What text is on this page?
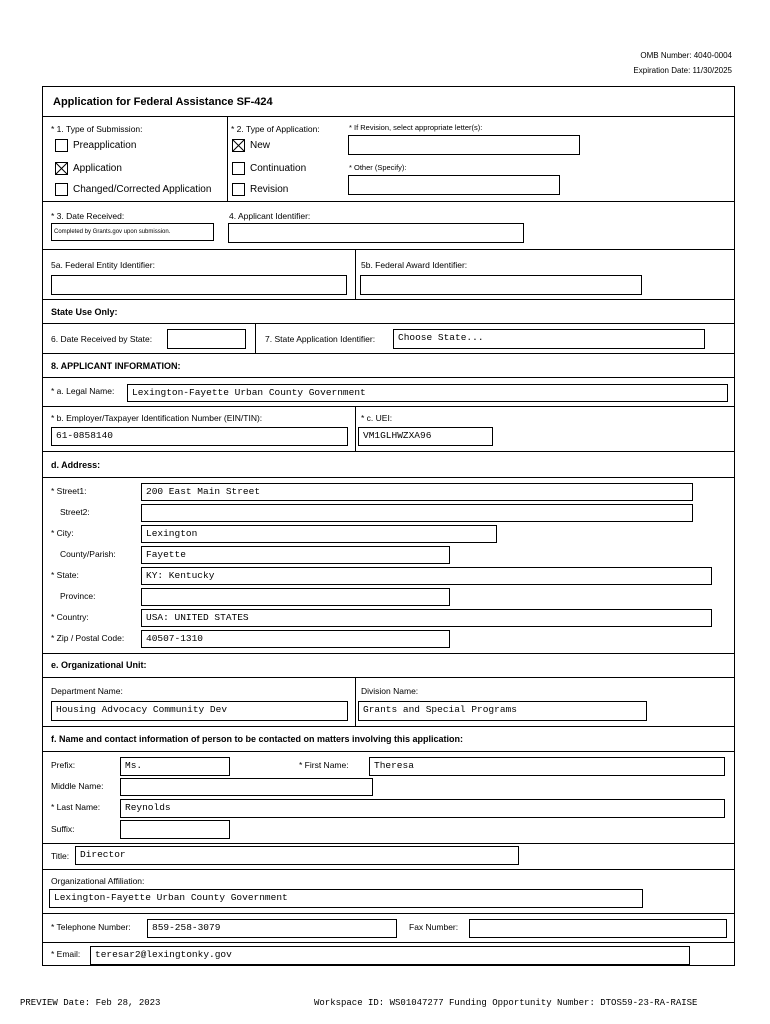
OMB Number: 4040-0004
Expiration Date: 11/30/2025
Application for Federal Assistance SF-424
* 1. Type of Submission:
Preapplication
Application
Changed/Corrected Application
* 2. Type of Application:
New
Continuation
Revision
* If Revision, select appropriate letter(s):
* Other (Specify):
* 3. Date Received:
Completed by Grants.gov upon submission.
4. Applicant Identifier:
5a. Federal Entity Identifier:	5b. Federal Award Identifier:
State Use Only:
6. Date Received by State:	7. State Application Identifier:	Choose State...
8. APPLICANT INFORMATION:
* a. Legal Name:	Lexington-Fayette Urban County Government
* b. Employer/Taxpayer Identification Number (EIN/TIN):
61-0858140
* c. UEI:
VM1GLHWZXA96
d. Address:
* Street1:	200 East Main Street
Street2:
* City:	Lexington
County/Parish:	Fayette
* State:	KY: Kentucky
Province:
* Country:	USA: UNITED STATES
* Zip / Postal Code:	40507-1310
e. Organizational Unit:
Department Name:
Housing Advocacy Community Dev
Division Name:
Grants and Special Programs
f. Name and contact information of person to be contacted on matters involving this application:
Prefix:	Ms.	* First Name:	Theresa
Middle Name:
* Last Name:	Reynolds
Suffix:
Title:	Director
Organizational Affiliation:
Lexington-Fayette Urban County Government
* Telephone Number:	859-258-3079	Fax Number:
* Email:	teresar2@lexingtonky.gov
PREVIEW Date: Feb 28, 2023	Workspace ID: WS01047277 Funding Opportunity Number: DTOS59-23-RA-RAISE
